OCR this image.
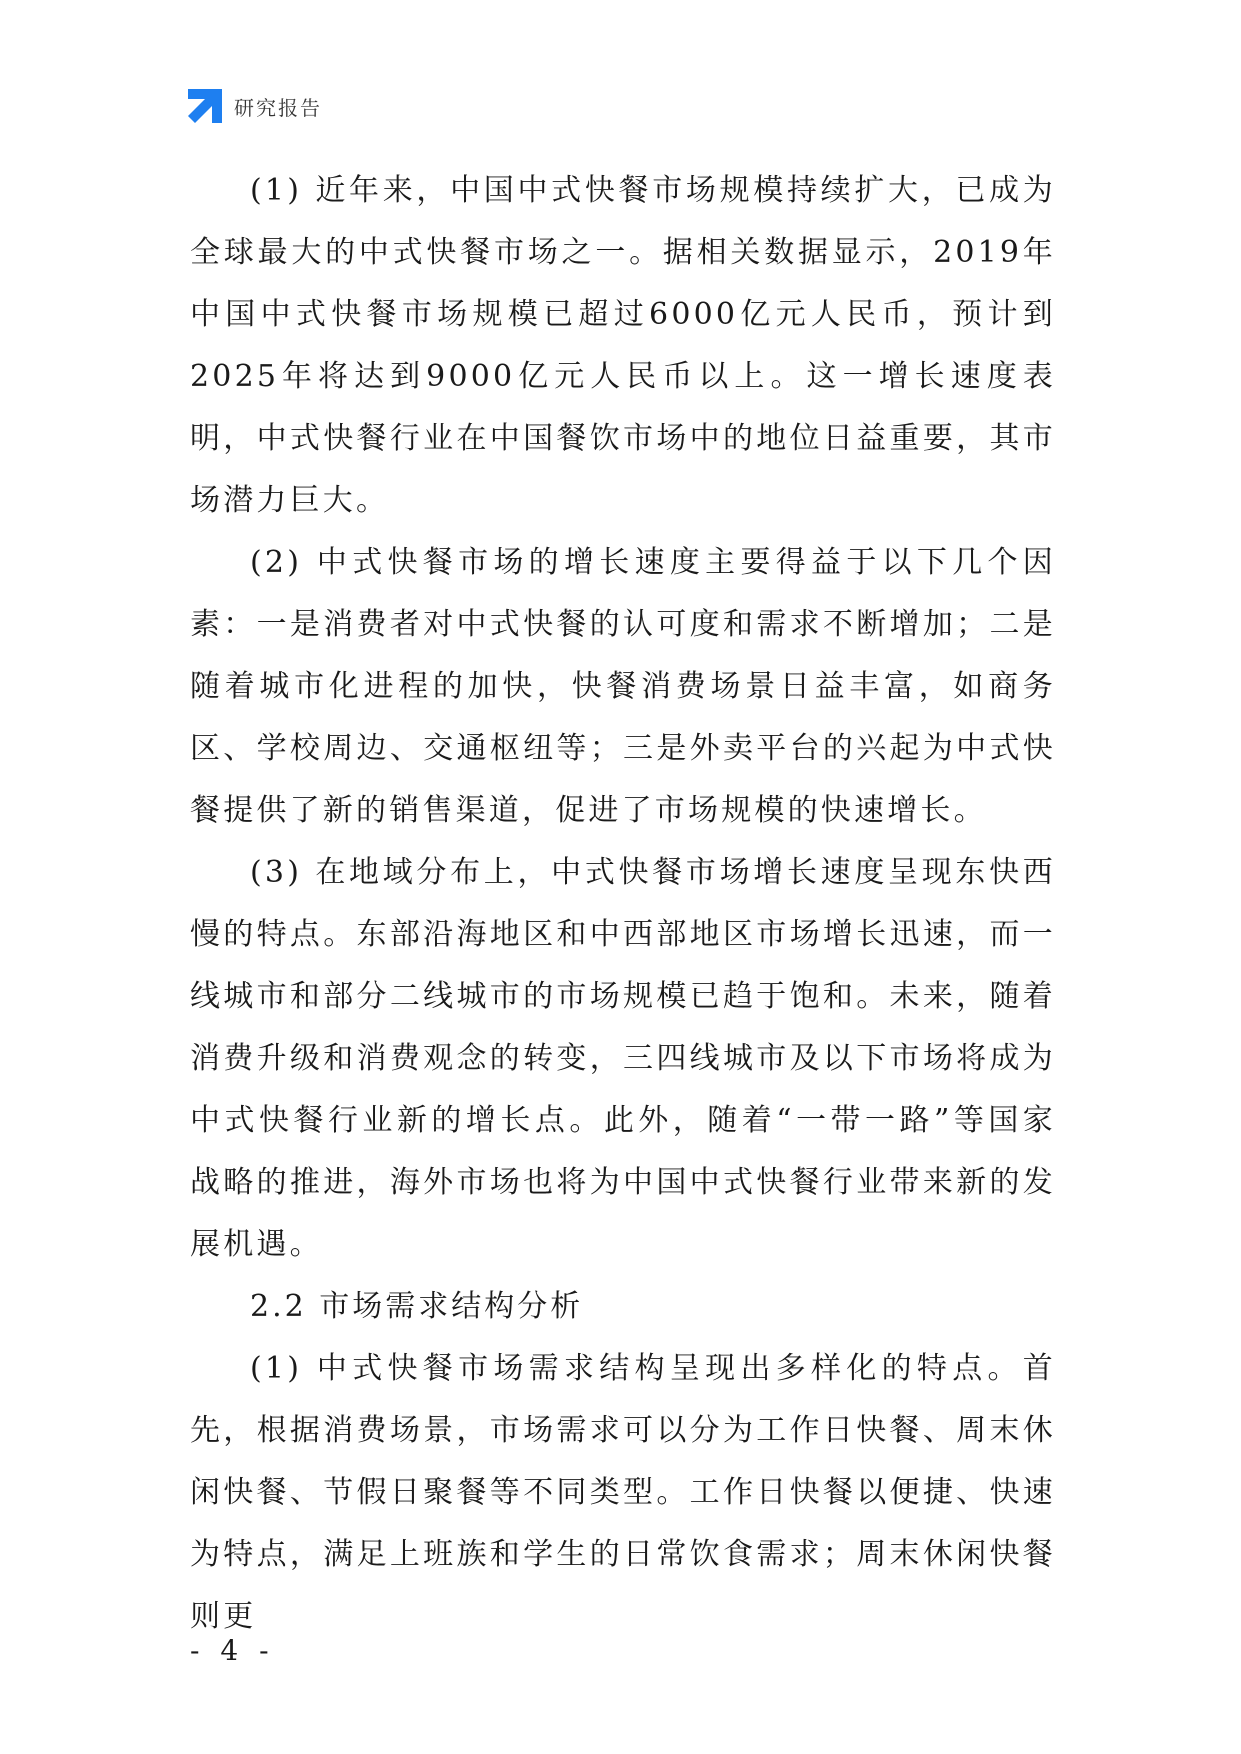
研究报告

(1) 近年来，中国中式快餐市场规模持续扩大，已成为全球最大的中式快餐市场之一。据相关数据显示，2019年中国中式快餐市场规模已超过6000亿元人民币，预计到2025年将达到9000亿元人民币以上。这一增长速度表明，中式快餐行业在中国餐饮市场中的地位日益重要，其市场潜力巨大。

(2) 中式快餐市场的增长速度主要得益于以下几个因素：一是消费者对中式快餐的认可度和需求不断增加；二是随着城市化进程的加快，快餐消费场景日益丰富，如商务区、学校周边、交通枢纽等；三是外卖平台的兴起为中式快餐提供了新的销售渠道，促进了市场规模的快速增长。

(3) 在地域分布上，中式快餐市场增长速度呈现东快西慢的特点。东部沿海地区和中西部地区市场增长迅速，而一线城市和部分二线城市的市场规模已趋于饱和。未来，随着消费升级和消费观念的转变，三四线城市及以下市场将成为中式快餐行业新的增长点。此外，随着“一带一路”等国家战略的推进，海外市场也将为中国中式快餐行业带来新的发展机遇。

2.2 市场需求结构分析

(1) 中式快餐市场需求结构呈现出多样化的特点。首先，根据消费场景，市场需求可以分为工作日快餐、周末休闲快餐、节假日聚餐等不同类型。工作日快餐以便捷、快速为特点，满足上班族和学生的日常饮食需求；周末休闲快餐则更

- 4 -
